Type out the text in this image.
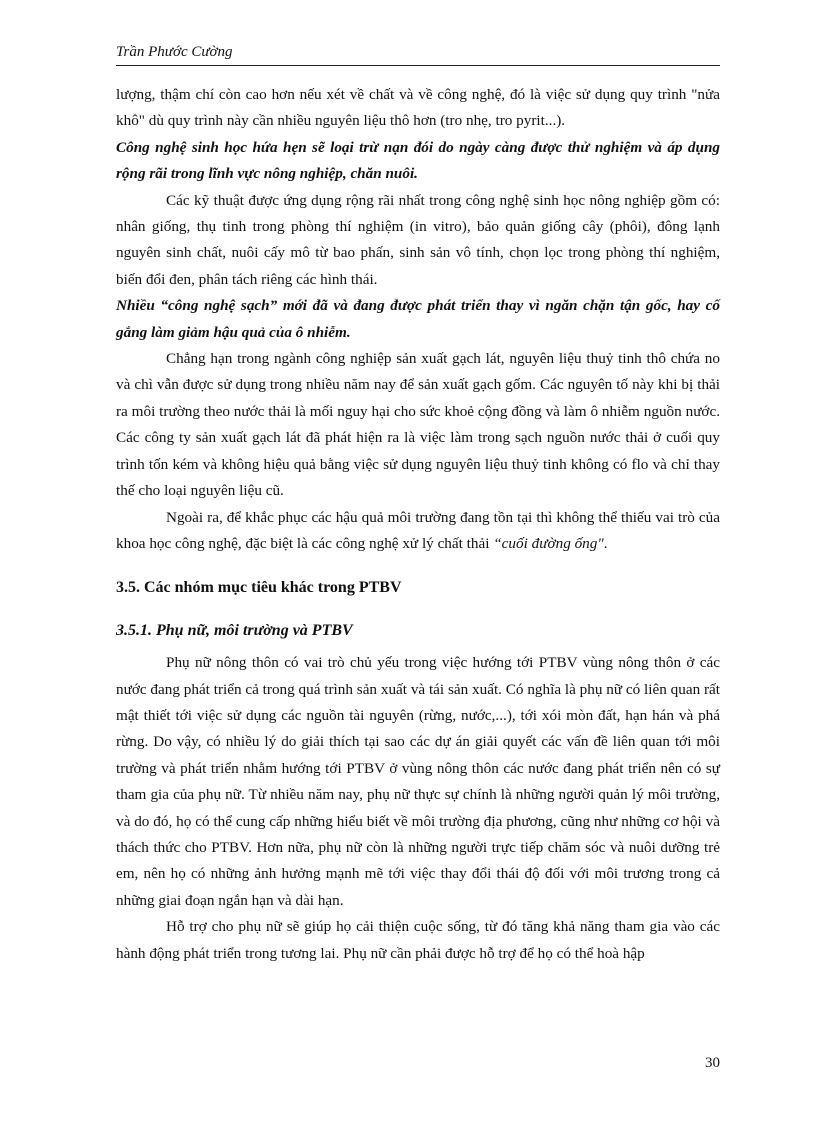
Trần Phước Cường

lượng, thậm chí còn cao hơn nếu xét về chất và về công nghệ, đó là việc sử dụng quy trình "nửa khô" dù quy trình này cần nhiều nguyên liệu thô hơn (tro nhẹ, tro pyrit...).

Công nghệ sinh học hứa hẹn sẽ loại trừ nạn đói do ngày càng được thử nghiệm và áp dụng rộng rãi trong lĩnh vực nông nghiệp, chăn nuôi.

Các kỹ thuật được ứng dụng rộng rãi nhất trong công nghệ sinh học nông nghiệp gồm có: nhân giống, thụ tinh trong phòng thí nghiệm (in vitro), bảo quản giống cây (phôi), đông lạnh nguyên sinh chất, nuôi cấy mô từ bao phấn, sinh sản vô tính, chọn lọc trong phòng thí nghiệm, biến đổi đen, phân tách riêng các hình thái.

Nhiều “công nghệ sạch” mới đã và đang được phát triển thay vì ngăn chặn tận gốc, hay cố gắng làm giảm hậu quả của ô nhiễm.

Chẳng hạn trong ngành công nghiệp sản xuất gạch lát, nguyên liệu thuỷ tinh thô chứa no và chì vẫn được sử dụng trong nhiều năm nay để sản xuất gạch gốm. Các nguyên tố này khi bị thải ra môi trường theo nước thải là mối nguy hại cho sức khoẻ cộng đồng và làm ô nhiễm nguồn nước. Các công ty sản xuất gạch lát đã phát hiện ra là việc làm trong sạch nguồn nước thải ở cuối quy trình tốn kém và không hiệu quả bằng việc sử dụng nguyên liệu thuỷ tinh không có flo và chỉ thay thế cho loại nguyên liệu cũ.

Ngoài ra, để khắc phục các hậu quả môi trường đang tồn tại thì không thể thiếu vai trò của khoa học công nghệ, đặc biệt là các công nghệ xử lý chất thải “cuối đường ống".

3.5. Các nhóm mục tiêu khác trong PTBV

3.5.1. Phụ nữ, môi trường và PTBV

Phụ nữ nông thôn có vai trò chủ yếu trong việc hướng tới PTBV vùng nông thôn ở các nước đang phát triển cả trong quá trình sản xuất và tái sản xuất. Có nghĩa là phụ nữ có liên quan rất mật thiết tới việc sử dụng các nguồn tài nguyên (rừng, nước,...), tới xói mòn đất, hạn hán và phá rừng. Do vậy, có nhiều lý do giải thích tại sao các dự án giải quyết các vấn đề liên quan tới môi trường và phát triển nhằm hướng tới PTBV ở vùng nông thôn các nước đang phát triển nên có sự tham gia của phụ nữ. Từ nhiều năm nay, phụ nữ thực sự chính là những người quản lý môi trường, và do đó, họ có thể cung cấp những hiểu biết về môi trường địa phương, cũng như những cơ hội và thách thức cho PTBV. Hơn nữa, phụ nữ còn là những người trực tiếp chăm sóc và nuôi dưỡng trẻ em, nên họ có những ảnh hưởng mạnh mẽ tới việc thay đổi thái độ đối với môi trương trong cả những giai đoạn ngắn hạn và dài hạn.

Hỗ trợ cho phụ nữ sẽ giúp họ cải thiện cuộc sống, từ đó tăng khả năng tham gia vào các hành động phát triển trong tương lai. Phụ nữ cần phải được hỗ trợ để họ có thể hoà hập

30
